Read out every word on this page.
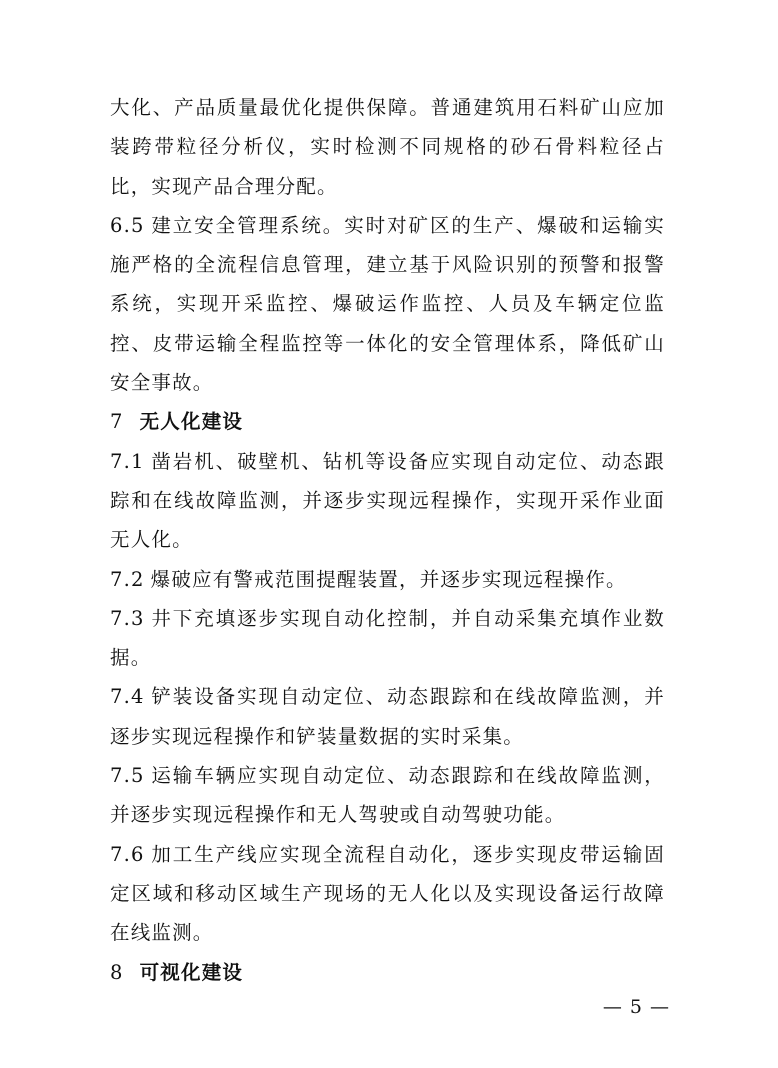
大化、产品质量最优化提供保障。普通建筑用石料矿山应加装跨带粒径分析仪，实时检测不同规格的砂石骨料粒径占比，实现产品合理分配。

6.5 建立安全管理系统。实时对矿区的生产、爆破和运输实施严格的全流程信息管理，建立基于风险识别的预警和报警系统，实现开采监控、爆破运作监控、人员及车辆定位监控、皮带运输全程监控等一体化的安全管理体系，降低矿山安全事故。

7 无人化建设

7.1 凿岩机、破壁机、钻机等设备应实现自动定位、动态跟踪和在线故障监测，并逐步实现远程操作，实现开采作业面无人化。

7.2 爆破应有警戒范围提醒装置，并逐步实现远程操作。

7.3 井下充填逐步实现自动化控制，并自动采集充填作业数据。

7.4 铲装设备实现自动定位、动态跟踪和在线故障监测，并逐步实现远程操作和铲装量数据的实时采集。

7.5 运输车辆应实现自动定位、动态跟踪和在线故障监测，并逐步实现远程操作和无人驾驶或自动驾驶功能。

7.6 加工生产线应实现全流程自动化，逐步实现皮带运输固定区域和移动区域生产现场的无人化以及实现设备运行故障在线监测。

8 可视化建设

— 5 —
